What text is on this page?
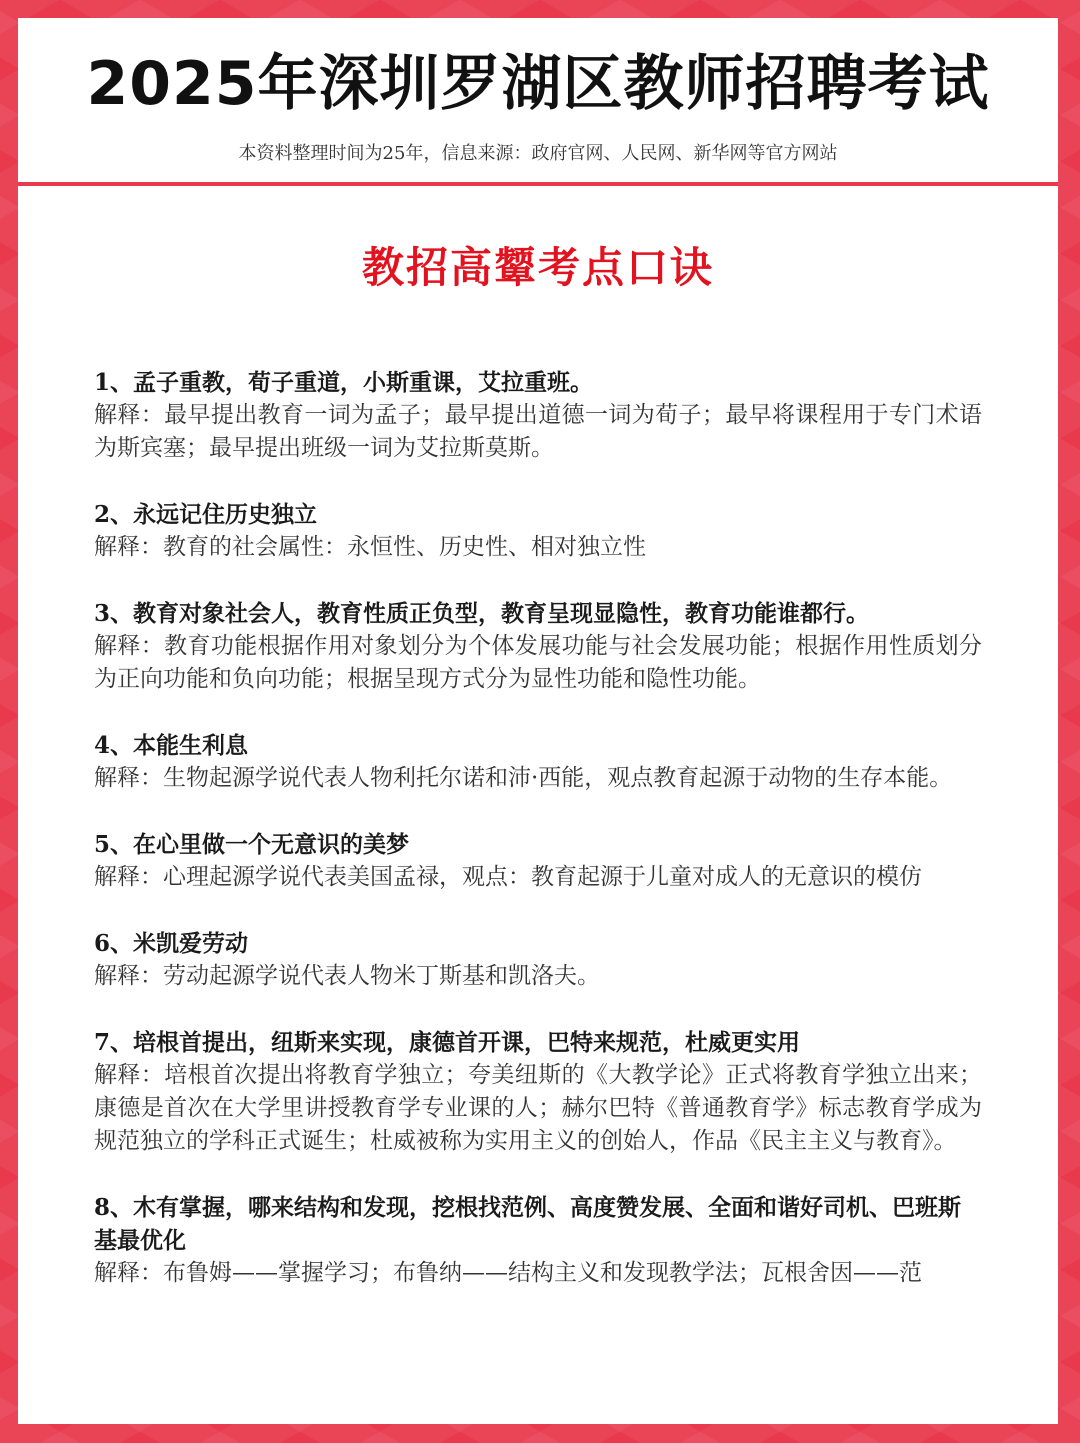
2025年深圳罗湖区教师招聘考试
本资料整理时间为25年，信息来源：政府官网、人民网、新华网等官方网站
教招高颦考点口诀
1、孟子重教，荀子重道，小斯重课，艾拉重班。
解释：最早提出教育一词为孟子；最早提出道德一词为荀子；最早将课程用于专门术语为斯宾塞；最早提出班级一词为艾拉斯莫斯。
2、永远记住历史独立
解释：教育的社会属性：永恒性、历史性、相对独立性
3、教育对象社会人，教育性质正负型，教育呈现显隐性，教育功能谁都行。
解释：教育功能根据作用对象划分为个体发展功能与社会发展功能；根据作用性质划分为正向功能和负向功能；根据呈现方式分为显性功能和隐性功能。
4、本能生利息
解释：生物起源学说代表人物利托尔诺和沛·西能，观点教育起源于动物的生存本能。
5、在心里做一个无意识的美梦
解释：心理起源学说代表美国孟禄，观点：教育起源于儿童对成人的无意识的模仿
6、米凯爱劳动
解释：劳动起源学说代表人物米丁斯基和凯洛夫。
7、培根首提出，纽斯来实现，康德首开课，巴特来规范，杜威更实用
解释：培根首次提出将教育学独立；夸美纽斯的《大教学论》正式将教育学独立出来；康德是首次在大学里讲授教育学专业课的人；赫尔巴特《普通教育学》标志教育学成为规范独立的学科正式诞生；杜威被称为实用主义的创始人，作品《民主主义与教育》。
8、木有掌握，哪来结构和发现，挖根找范例、高度赞发展、全面和谐好司机、巴班斯基最优化
解释：布鲁姆——掌握学习；布鲁纳——结构主义和发现教学法；瓦根舍因——范
